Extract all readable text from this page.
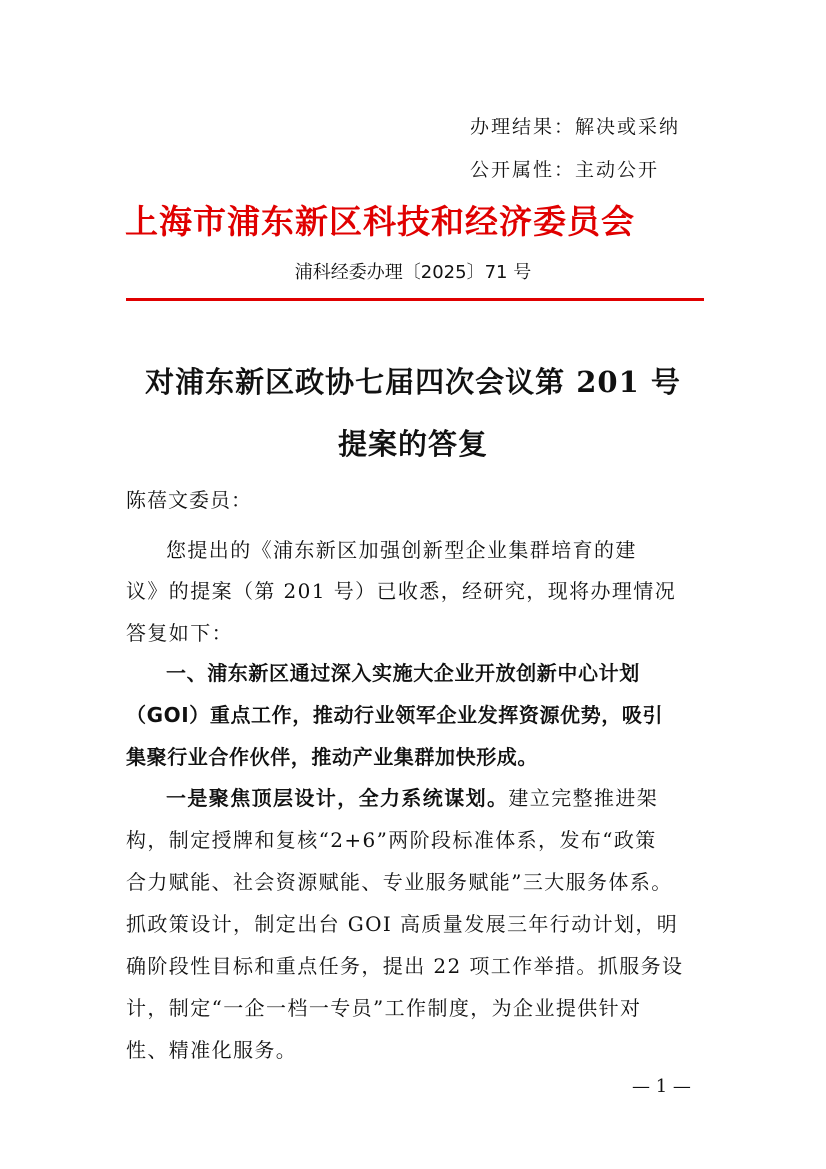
办理结果：解决或采纳
公开属性：主动公开
上海市浦东新区科技和经济委员会
浦科经委办理〔2025〕71 号
对浦东新区政协七届四次会议第 201 号
提案的答复
陈蓓文委员：
您提出的《浦东新区加强创新型企业集群培育的建
议》的提案（第 201 号）已收悉，经研究，现将办理情况
答复如下：
一、浦东新区通过深入实施大企业开放创新中心计划
（GOI）重点工作，推动行业领军企业发挥资源优势，吸引
集聚行业合作伙伴，推动产业集群加快形成。
一是聚焦顶层设计，全力系统谋划。建立完整推进架
构，制定授牌和复核“2+6”两阶段标准体系，发布“政策
合力赋能、社会资源赋能、专业服务赋能”三大服务体系。
抓政策设计，制定出台 GOI 高质量发展三年行动计划，明
确阶段性目标和重点任务，提出 22 项工作举措。抓服务设
计，制定“一企一档一专员”工作制度，为企业提供针对
性、精准化服务。
— 1 —
